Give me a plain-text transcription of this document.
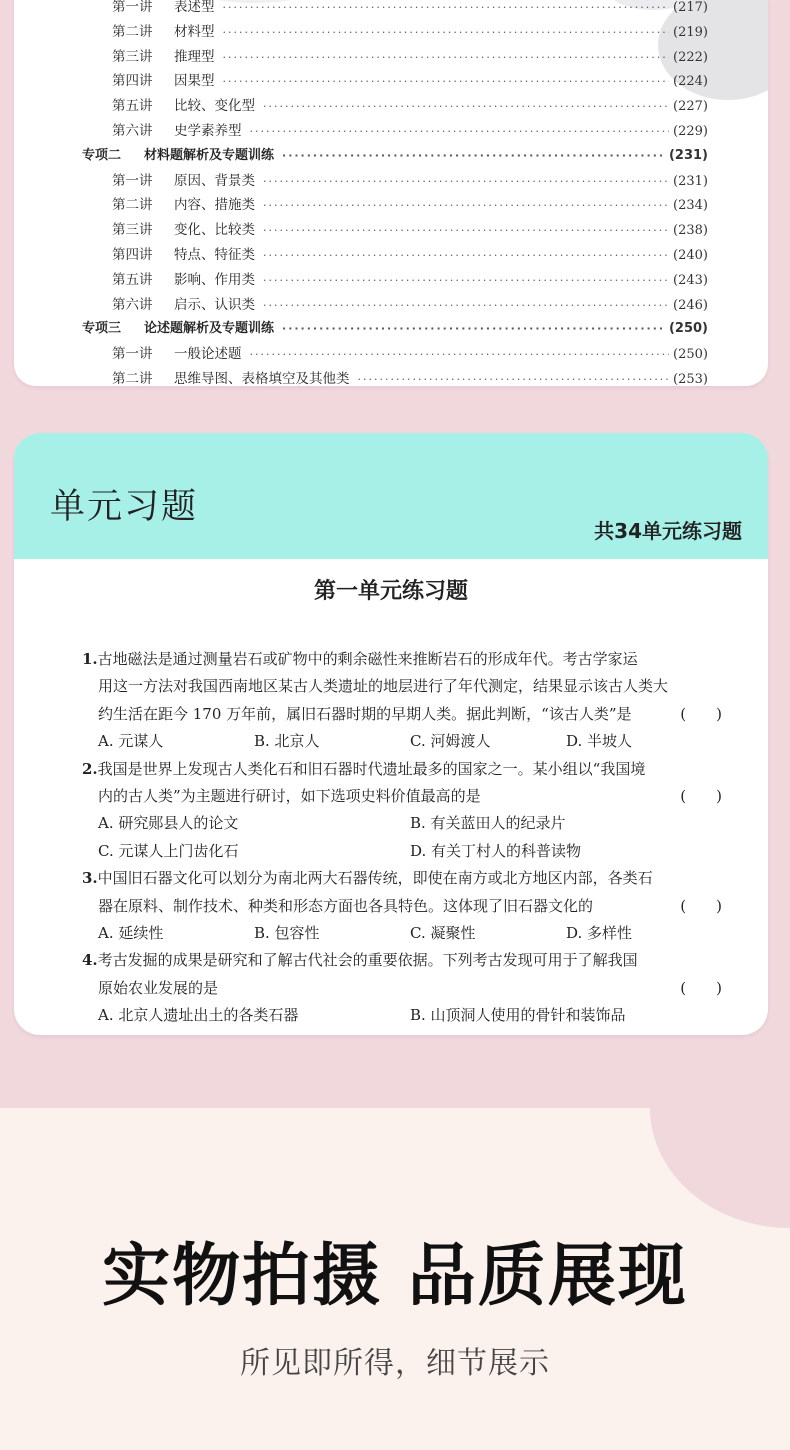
第一讲	表述型 ·····	(217)
第二讲	材料型 ·····	(219)
第三讲	推理型 ·····	(222)
第四讲	因果型 ·····	(224)
第五讲	比较、变化型 ·····	(227)
第六讲	史学素养型 ·····	(229)
专项二	材料题解析及专题训练 ·····	(231)
第一讲	原因、背景类 ·····	(231)
第二讲	内容、措施类 ·····	(234)
第三讲	变化、比较类 ·····	(238)
第四讲	特点、特征类 ·····	(240)
第五讲	影响、作用类 ·····	(243)
第六讲	启示、认识类 ·····	(246)
专项三	论述题解析及专题训练 ·····	(250)
第一讲	一般论述题 ·····	(250)
第二讲	思维导图、表格填空及其他类 ·····	(253)
单元习题
共34单元练习题
第一单元练习题
1.古地磁法是通过测量岩石或矿物中的剩余磁性来推断岩石的形成年代。考古学家运
用这一方法对我国西南地区某古人类遗址的地层进行了年代测定，结果显示该古人类大
约生活在距今 170 万年前，属旧石器时期的早期人类。据此判断，“该古人类”是	(　　)
A. 元谋人	B. 北京人	C. 河姆渡人	D. 半坡人
2.我国是世界上发现古人类化石和旧石器时代遗址最多的国家之一。某小组以“我国境
内的古人类”为主题进行研讨，如下选项史料价值最高的是	(　　)
A. 研究郧县人的论文	B. 有关蓝田人的纪录片
C. 元谋人上门齿化石	D. 有关丁村人的科普读物
3.中国旧石器文化可以划分为南北两大石器传统，即使在南方或北方地区内部，各类石
器在原料、制作技术、种类和形态方面也各具特色。这体现了旧石器文化的	(　　)
A. 延续性	B. 包容性	C. 凝聚性	D. 多样性
4.考古发掘的成果是研究和了解古代社会的重要依据。下列考古发现可用于了解我国
原始农业发展的是	(　　)
A. 北京人遗址出土的各类石器	B. 山顶洞人使用的骨针和装饰品
实物拍摄 品质展现
所见即所得，细节展示
